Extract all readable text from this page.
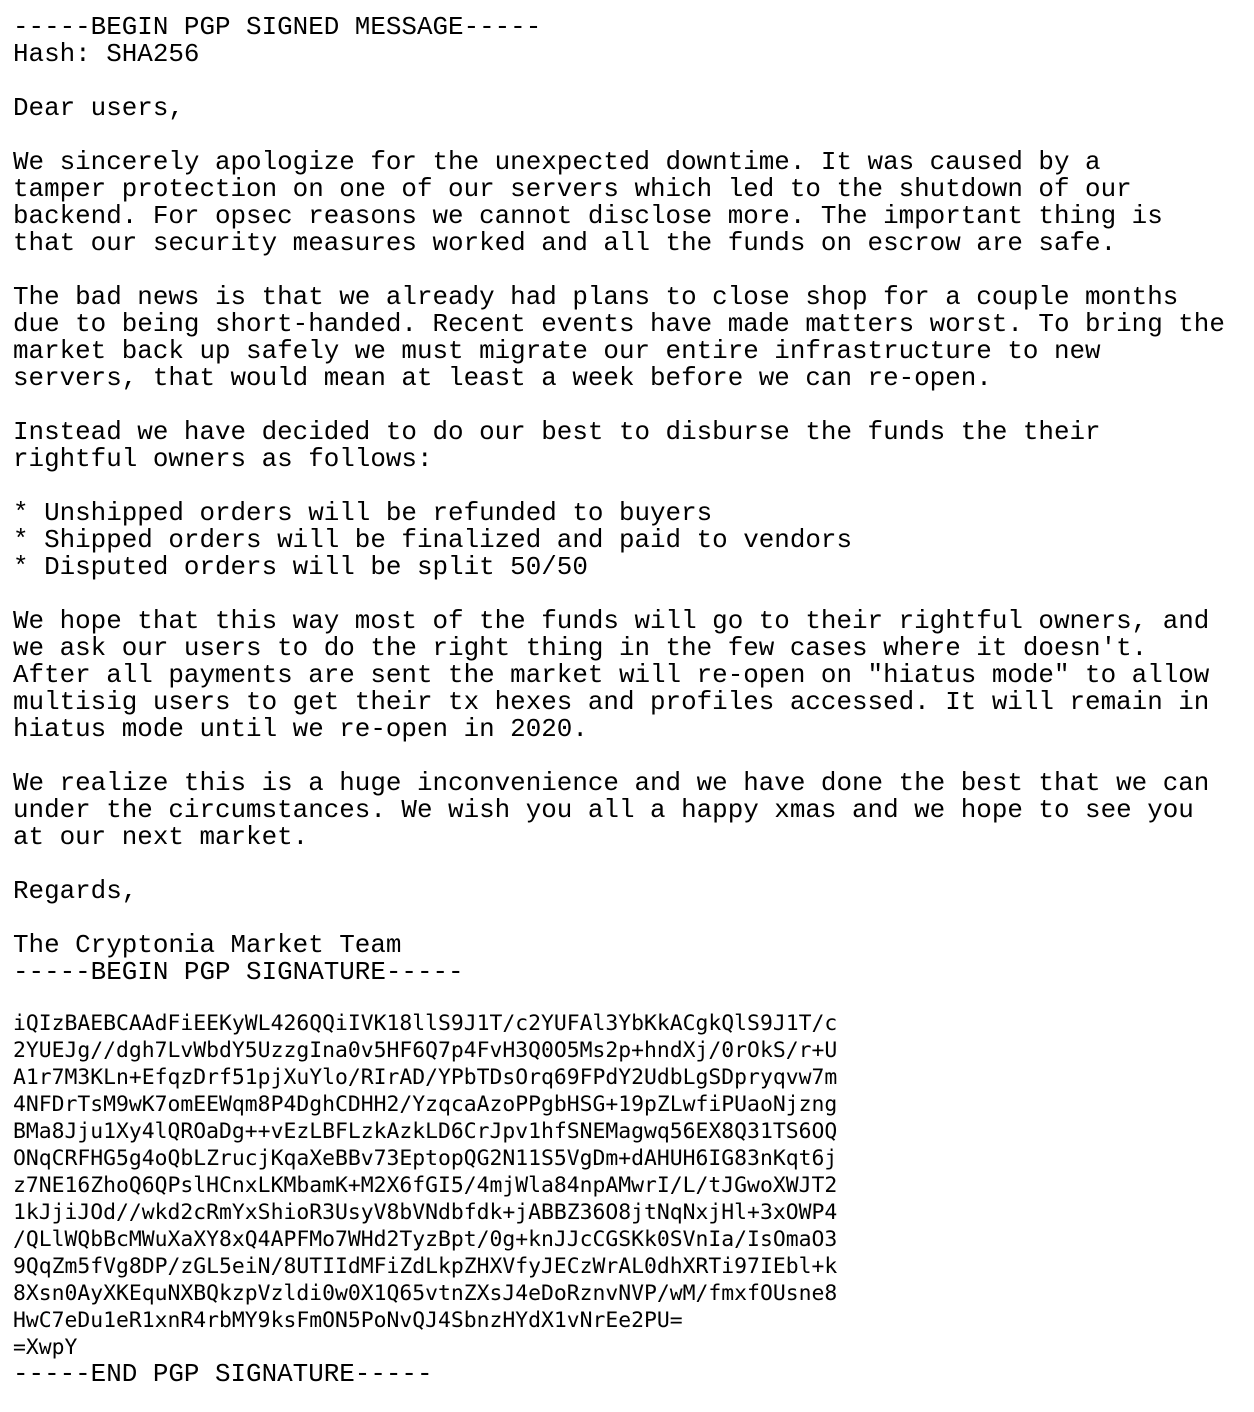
-----BEGIN PGP SIGNED MESSAGE-----
Hash: SHA256
Dear users,
We sincerely apologize for the unexpected downtime. It was caused by a
tamper protection on one of our servers which led to the shutdown of our
backend. For opsec reasons we cannot disclose more. The important thing is
that our security measures worked and all the funds on escrow are safe.
The bad news is that we already had plans to close shop for a couple months
due to being short-handed. Recent events have made matters worst. To bring the
market back up safely we must migrate our entire infrastructure to new
servers, that would mean at least a week before we can re-open.
Instead we have decided to do our best to disburse the funds the their
rightful owners as follows:
* Unshipped orders will be refunded to buyers
* Shipped orders will be finalized and paid to vendors
* Disputed orders will be split 50/50
We hope that this way most of the funds will go to their rightful owners, and
we ask our users to do the right thing in the few cases where it doesn't.
After all payments are sent the market will re-open on "hiatus mode" to allow
multisig users to get their tx hexes and profiles accessed. It will remain in
hiatus mode until we re-open in 2020.
We realize this is a huge inconvenience and we have done the best that we can
under the circumstances. We wish you all a happy xmas and we hope to see you
at our next market.
Regards,
The Cryptonia Market Team
-----BEGIN PGP SIGNATURE-----
iQIzBAEBCAAdFiEEKyWL426QQiIVK18llS9J1T/c2YUFAl3YbKkACgkQlS9J1T/c
2YUEJg//dgh7LvWbdY5UzzgIna0v5HF6Q7p4FvH3Q0O5Ms2p+hndXj/0rOkS/r+U
A1r7M3KLn+EfqzDrf51pjXuYlo/RIrAD/YPbTDsOrq69FPdY2UdbLgSDpryqvw7m
4NFDrTsM9wK7omEEWqm8P4DghCDHH2/YzqcaAzoPPgbHSG+19pZLwfiPUaoNjzng
BMa8Jju1Xy4lQROaDg++vEzLBFLzkAzkLD6CrJpv1hfSNEMagwq56EX8Q31TS6OQ
ONqCRFHG5g4oQbLZrucjKqaXeBBv73EptopQG2N11S5VgDm+dAHUH6IG83nKqt6j
z7NE16ZhoQ6QPslHCnxLKMbamK+M2X6fGI5/4mjWla84npAMwrI/L/tJGwoXWJT2
1kJjiJOd//wkd2cRmYxShioR3UsyV8bVNdbfdk+jABBZ36O8jtNqNxjHl+3xOWP4
/QLlWQbBcMWuXaXY8xQ4APFMo7WHd2TyzBpt/0g+knJJcCGSKk0SVnIa/IsOmaO3
9QqZm5fVg8DP/zGL5eiN/8UTIIdMFiZdLkpZHXVfyJECzWrAL0dhXRTi97IEbl+k
8Xsn0AyXKEquNXBQkzpVzldi0w0X1Q65vtnZXsJ4eDoRznvNVP/wM/fmxfOUsne8
HwC7eDu1eR1xnR4rbMY9ksFmON5PoNvQJ4SbnzHYdX1vNrEe2PU=
=XwpY
-----END PGP SIGNATURE-----
